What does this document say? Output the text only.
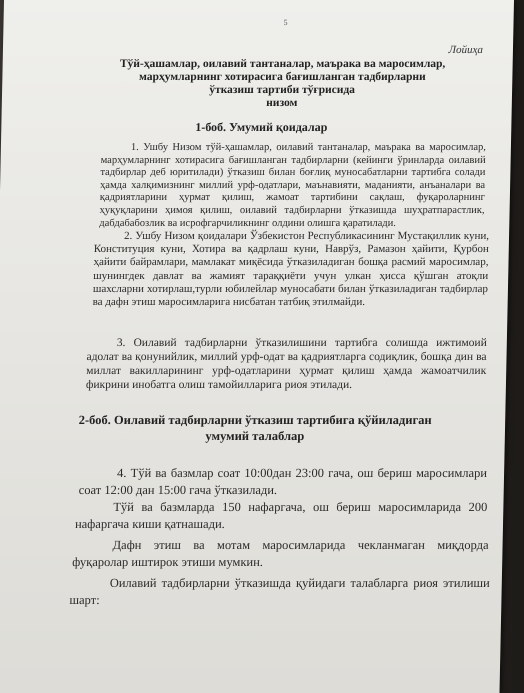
5
Лойиҳа
Тўй-ҳашамлар, оилавий тантаналар, маърака ва маросимлар,
марҳумларнинг хотирасига бағишланган тадбирларни
ўтказиш тартиби тўғрисида
низом
1-боб. Умумий қоидалар
1. Ушбу Низом тўй-ҳашамлар, оилавий тантаналар, маърака ва маросимлар, марҳумларнинг хотирасига бағишланган тадбирларни (кейинги ўринларда оилавий тадбирлар деб юритилади) ўтказиш билан боғлиқ муносабатларни тартибга солади ҳамда халқимизнинг миллий урф-одатлари, маънавияти, маданияти, анъаналари ва қадриятларини ҳурмат қилиш, жамоат тартибини сақлаш, фуқароларнинг ҳуқуқларини ҳимоя қилиш, оилавий тадбирларни ўтказишда шуҳратпарастлик, дабдабабозлик ва исрофгарчиликнинг олдини олишга қаратилади.
2. Ушбу Низом қоидалари Ўзбекистон Республикасининг Мустақиллик куни, Конституция куни, Хотира ва қадрлаш куни, Наврўз, Рамазон ҳайити, Қурбон ҳайити байрамлари, мамлакат миқёсида ўтказиладиган бошқа расмий маросимлар, шунингдек давлат ва жамият тараққиёти учун улкан ҳисса қўшган атоқли шахсларни хотирлаш,турли юбилейлар муносабати билан ўтказиладиган тадбирлар ва дафн этиш маросимларига нисбатан татбиқ этилмайди.
3. Оилавий тадбирларни ўтказилишини тартибга солишда ижтимоий адолат ва қонунийлик, миллий урф-одат ва қадриятларга содиқлик, бошқа дин ва миллат вакилларининг урф-одатларини ҳурмат қилиш ҳамда жамоатчилик фикрини инобатга олиш тамойилларига риоя этилади.
2-боб. Оилавий тадбирларни ўтказиш тартибига қўйиладиган
умумий талаблар
4. Тўй ва базмлар соат 10:00дан 23:00 гача, ош бериш маросимлари соат 12:00 дан 15:00 гача ўтказилади.
Тўй ва базмларда 150 нафаргача, ош бериш маросимларида 200 нафаргача киши қатнашади.
Дафн этиш ва мотам маросимларида чекланмаган миқдорда фуқаролар иштирок этиши мумкин.
Оилавий тадбирларни ўтказишда қуйидаги талабларга риоя этилиши шарт:
